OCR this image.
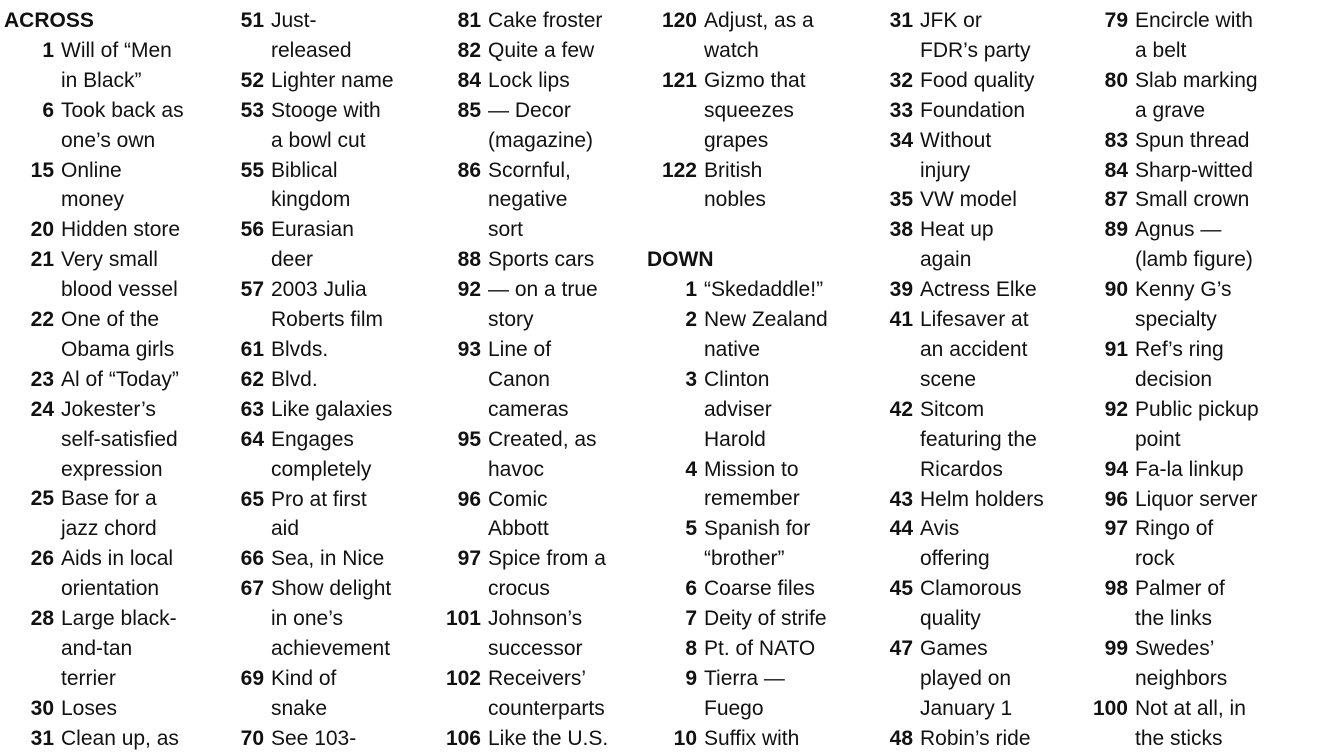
ACROSS
1 Will of “Men
in Black”
6 Took back as
one’s own
15 Online
money
20 Hidden store
21 Very small
blood vessel
22 One of the
Obama girls
23 Al of “Today”
24 Jokester’s
self-satisfied
expression
25 Base for a
jazz chord
26 Aids in local
orientation
28 Large black-
and-tan
terrier
30 Loses
31 Clean up, as
51 Just-
released
52 Lighter name
53 Stooge with
a bowl cut
55 Biblical
kingdom
56 Eurasian
deer
57 2003 Julia
Roberts film
61 Blvds.
62 Blvd.
63 Like galaxies
64 Engages
completely
65 Pro at first
aid
66 Sea, in Nice
67 Show delight
in one’s
achievement
69 Kind of
snake
70 See 103-
81 Cake froster
82 Quite a few
84 Lock lips
85 — Decor
(magazine)
86 Scornful,
negative
sort
88 Sports cars
92 — on a true
story
93 Line of
Canon
cameras
95 Created, as
havoc
96 Comic
Abbott
97 Spice from a
crocus
101 Johnson’s
successor
102 Receivers’
counterparts
106 Like the U.S.
120 Adjust, as a
watch
121 Gizmo that
squeezes
grapes
122 British
nobles
DOWN
1 “Skedaddle!”
2 New Zealand
native
3 Clinton
adviser
Harold
4 Mission to
remember
5 Spanish for
“brother”
6 Coarse files
7 Deity of strife
8 Pt. of NATO
9 Tierra —
Fuego
10 Suffix with
31 JFK or
FDR’s party
32 Food quality
33 Foundation
34 Without
injury
35 VW model
38 Heat up
again
39 Actress Elke
41 Lifesaver at
an accident
scene
42 Sitcom
featuring the
Ricardos
43 Helm holders
44 Avis
offering
45 Clamorous
quality
47 Games
played on
January 1
48 Robin’s ride
79 Encircle with
a belt
80 Slab marking
a grave
83 Spun thread
84 Sharp-witted
87 Small crown
89 Agnus —
(lamb figure)
90 Kenny G’s
specialty
91 Ref’s ring
decision
92 Public pickup
point
94 Fa-la linkup
96 Liquor server
97 Ringo of
rock
98 Palmer of
the links
99 Swedes’
neighbors
100 Not at all, in
the sticks
